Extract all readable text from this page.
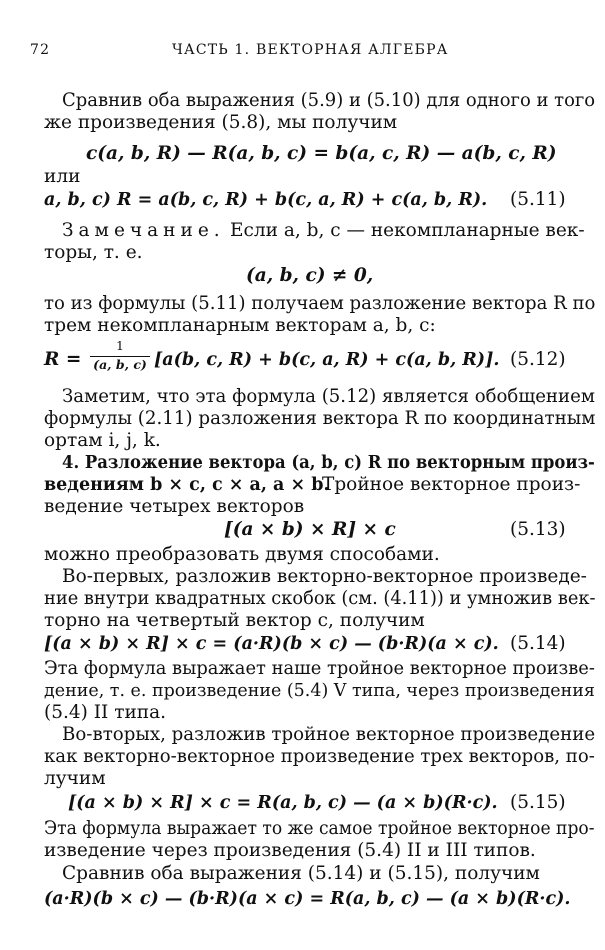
72	ЧАСТЬ 1. ВЕКТОРНАЯ АЛГЕБРА
Сравнив оба выражения (5.9) и (5.10) для одного и того
же произведения (5.8), мы получим
c(a, b, R) — R(a, b, c) = b(a, c, R) — a(b, c, R)
или
a, b, c) R = a(b, c, R) + b(c, a, R) + c(a, b, R). (5.11)
Замечание. Если a, b, c — некомпланарные век-
торы, т. е.
(a, b, c) ≠ 0,
то из формулы (5.11) получаем разложение вектора R по
трем некомпланарным векторам a, b, c:
R =
1
(a, b, c) [a(b, c, R) + b(c, a, R) + c(a, b, R)]. (5.12)
Заметим, что эта формула (5.12) является обобщением
формулы (2.11) разложения вектора R по координатным
ортам i, j, k.
4. Разложение вектора (a, b, c) R по векторным произ-
ведениям b × c, c × a, a × b.
Тройное векторное произ-
ведение четырех векторов
[(a × b) × R] × c	(5.13)
можно преобразовать двумя способами.
Во-первых, разложив векторно-векторное произведе-
ние внутри квадратных скобок (см. (4.11)) и умножив век-
торно на четвертый вектор c, получим
[(a × b) × R] × c = (a·R)(b × c) — (b·R)(a × c). (5.14)
Эта формула выражает наше тройное векторное произве-
дение, т. е. произведение (5.4) V типа, через произведения
(5.4) II типа.
Во-вторых, разложив тройное векторное произведение
как векторно-векторное произведение трех векторов, по-
лучим
[(a × b) × R] × c = R(a, b, c) — (a × b)(R·c). (5.15)
Эта формула выражает то же самое тройное векторное про-
изведение через произведения (5.4) II и III типов.
Сравнив оба выражения (5.14) и (5.15), получим
(a·R)(b × c) — (b·R)(a × c) = R(a, b, c) — (a × b)(R·c).
